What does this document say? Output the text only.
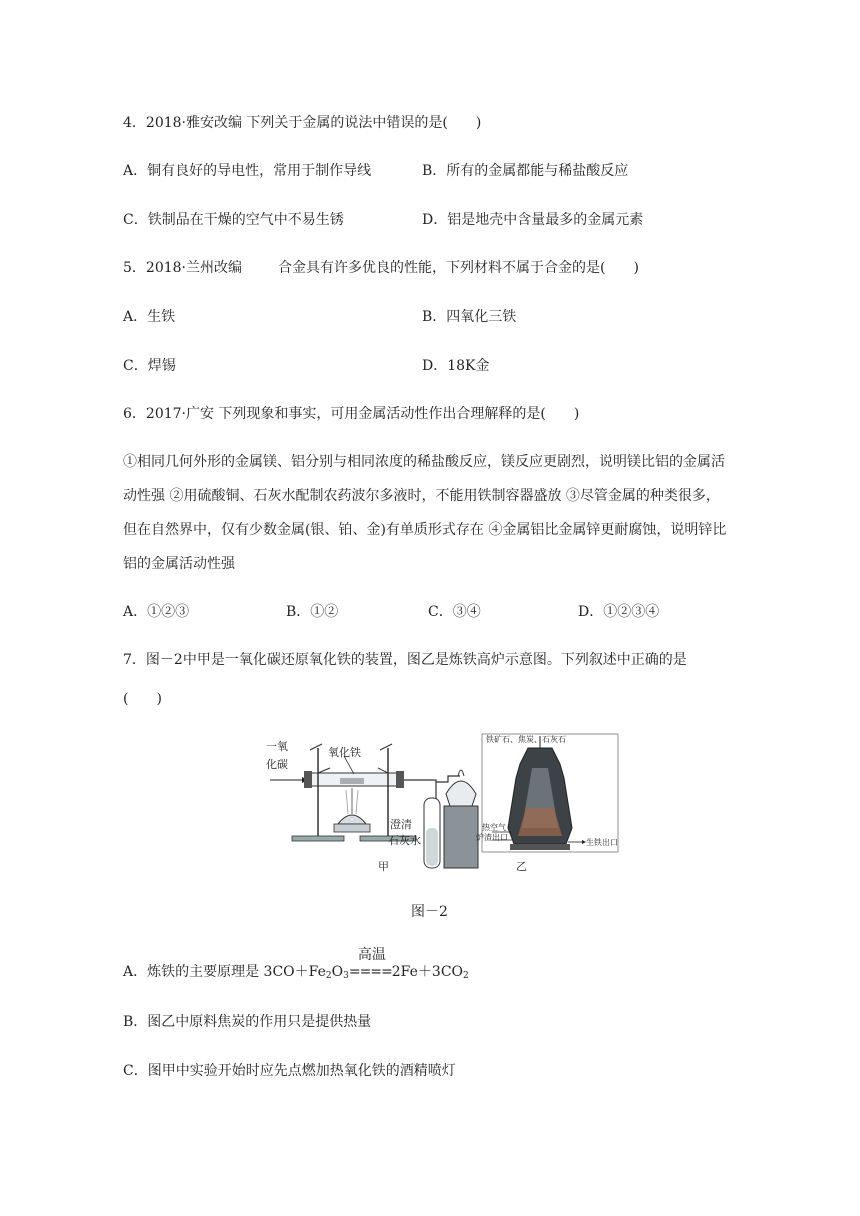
4．2018·雅安改编 下列关于金属的说法中错误的是(　　)
A．铜有良好的导电性，常用于制作导线	B．所有的金属都能与稀盐酸反应
C．铁制品在干燥的空气中不易生锈	D．铝是地壳中含量最多的金属元素
5．2018·兰州改编	合金具有许多优良的性能，下列材料不属于合金的是(　　)
A．生铁	B．四氧化三铁
C．焊锡	D．18K金
6．2017·广安 下列现象和事实，可用金属活动性作出合理解释的是(　　)
①相同几何外形的金属镁、铝分别与相同浓度的稀盐酸反应，镁反应更剧烈，说明镁比铝的金属活动性强 ②用硫酸铜、石灰水配制农药波尔多液时，不能用铁制容器盛放 ③尽管金属的种类很多，但在自然界中，仅有少数金属(银、铂、金)有单质形式存在 ④金属铝比金属锌更耐腐蚀，说明锌比铝的金属活动性强
A．①②③	B．①②	C．③④	D．①②③④
7．图－2中甲是一氧化碳还原氧化铁的装置，图乙是炼铁高炉示意图。下列叙述中正确的是
(　　)
一氧
化碳
氧化铁
澄清
石灰水
甲
铁矿石、焦炭、石灰石
热空气
炉渣出口
生铁出口
乙
图－2
A．炼铁的主要原理是 $3CO+Fe_2O_3$
高温
$====2Fe+3CO_2$
B．图乙中原料焦炭的作用只是提供热量
C．图甲中实验开始时应先点燃加热氧化铁的酒精喷灯
